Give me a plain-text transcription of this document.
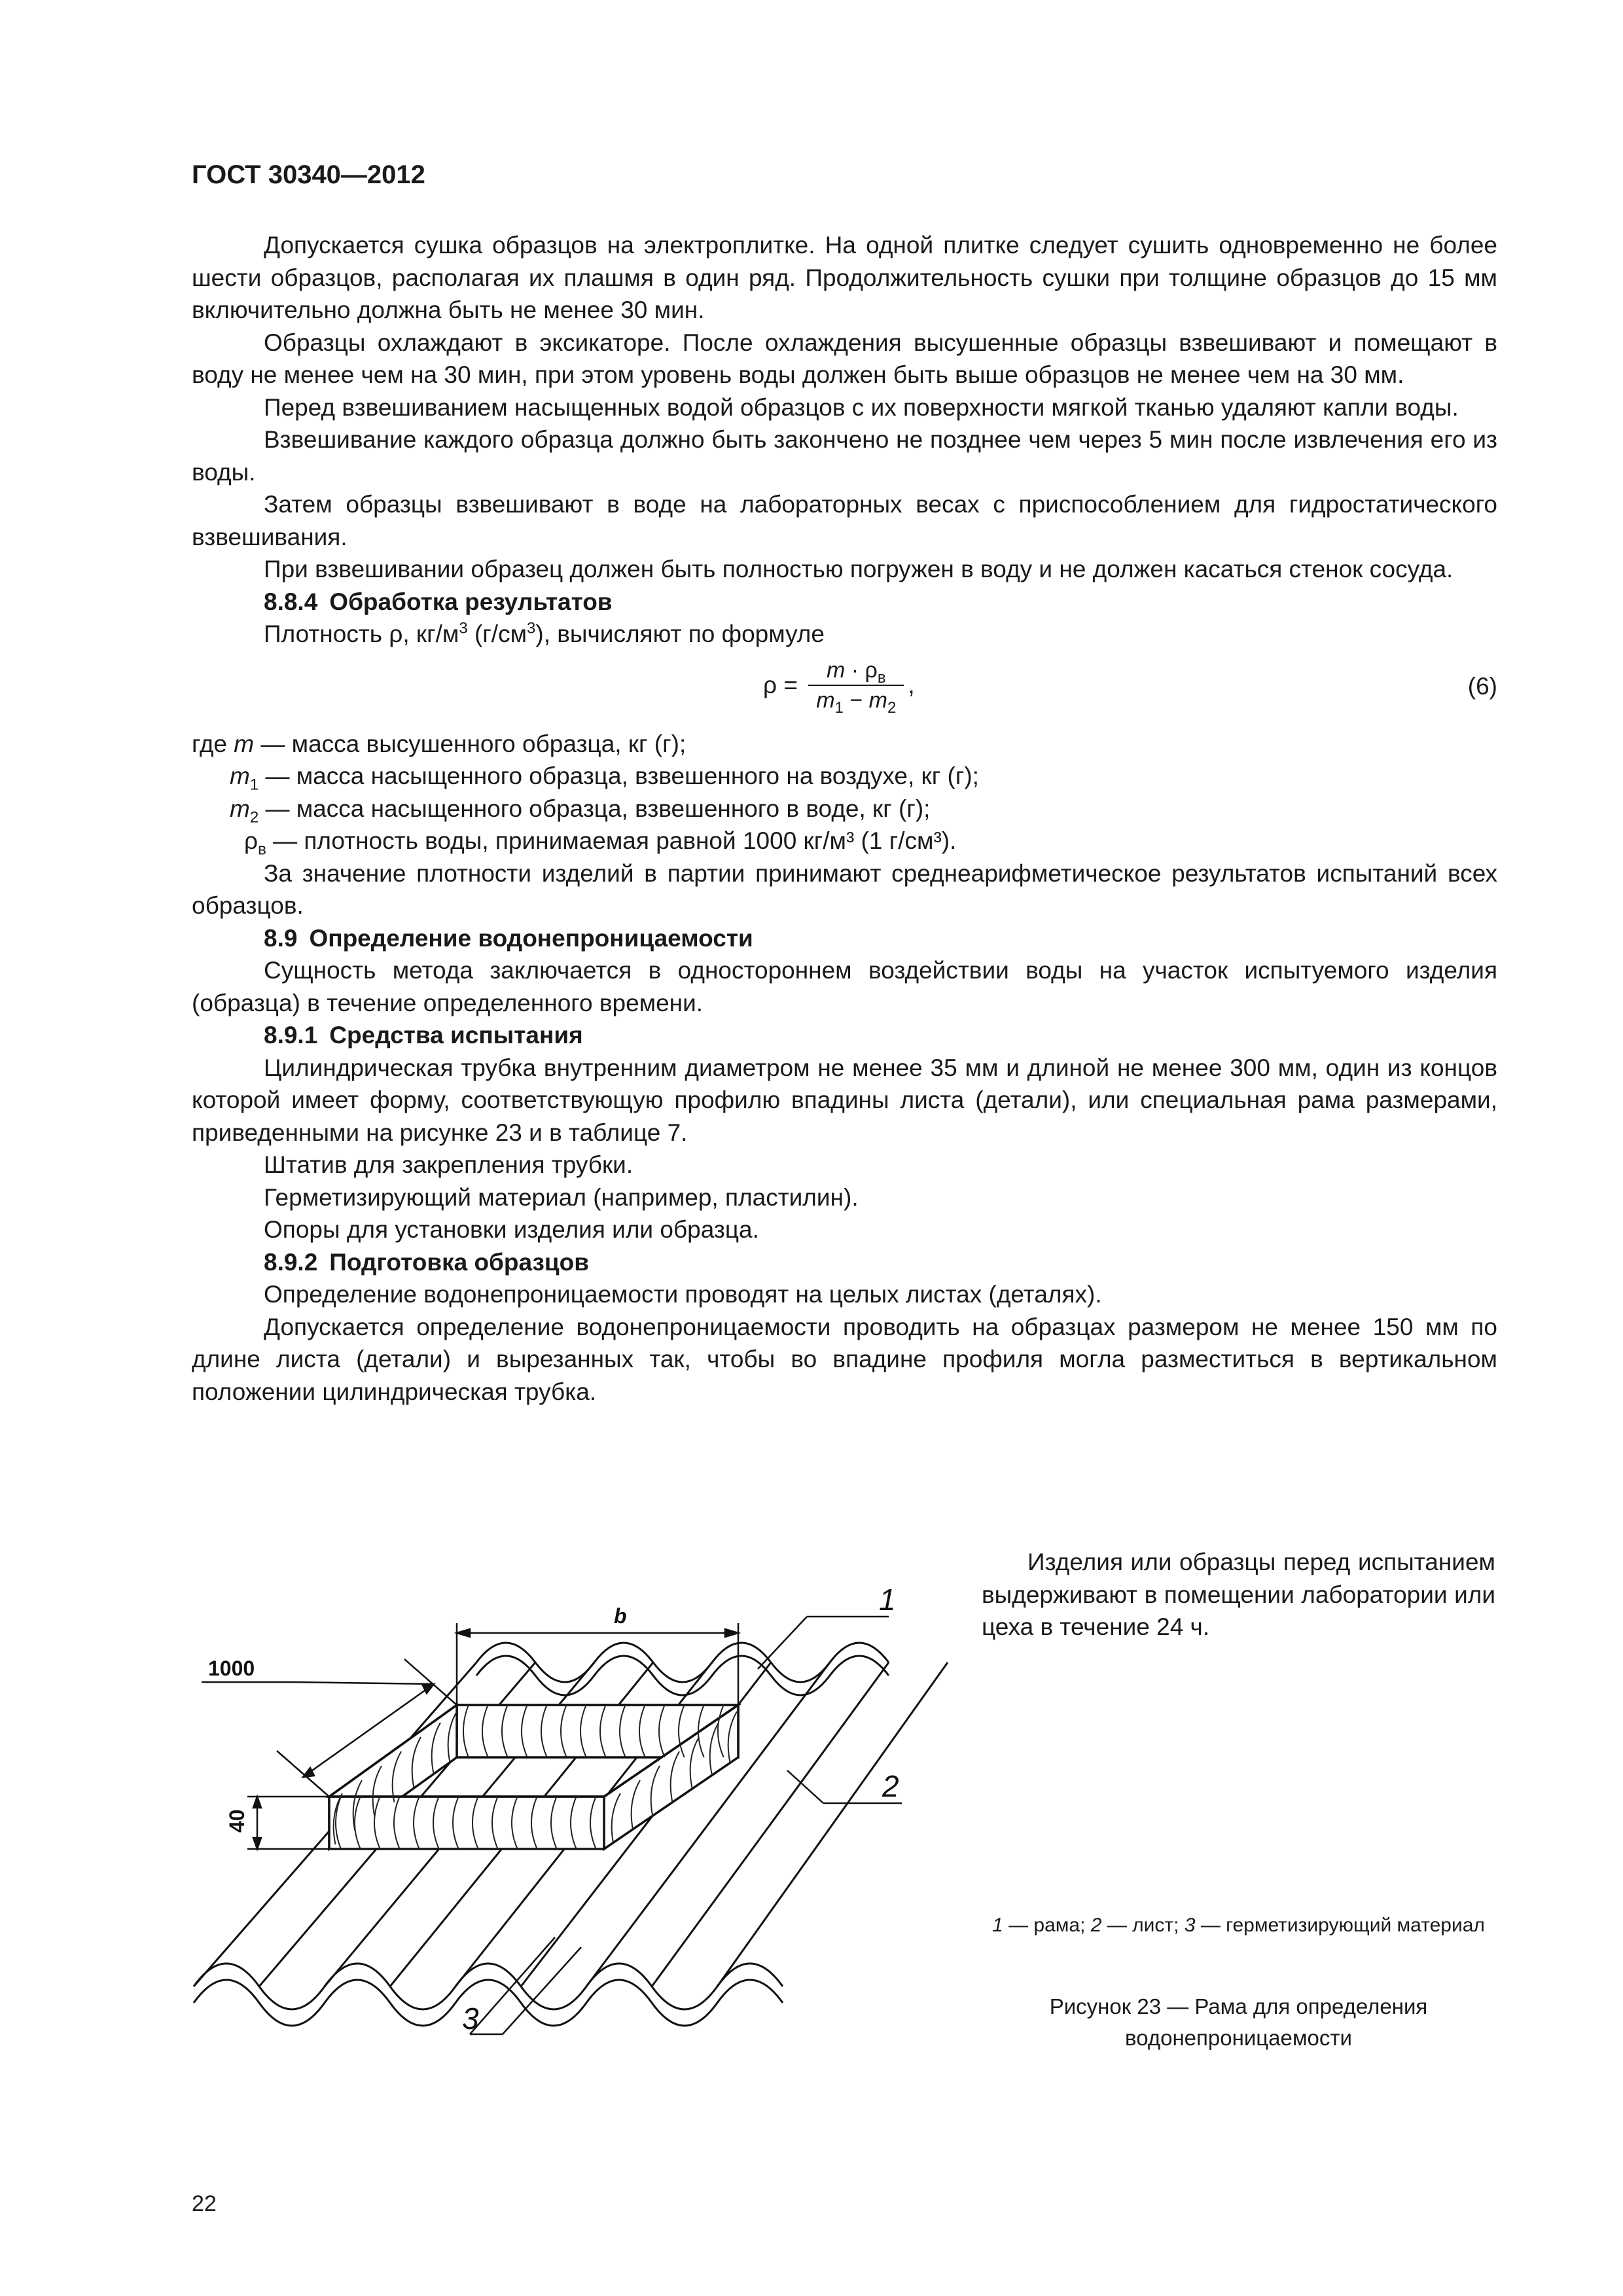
ГОСТ 30340—2012

Допускается сушка образцов на электроплитке. На одной плитке следует сушить одновременно не более шести образцов, располагая их плашмя в один ряд. Продолжительность сушки при толщине образцов до 15 мм включительно должна быть не менее 30 мин.

Образцы охлаждают в эксикаторе. После охлаждения высушенные образцы взвешивают и помещают в воду не менее чем на 30 мин, при этом уровень воды должен быть выше образцов не менее чем на 30 мм.

Перед взвешиванием насыщенных водой образцов с их поверхности мягкой тканью удаляют капли воды.

Взвешивание каждого образца должно быть закончено не позднее чем через 5 мин после извлечения его из воды.

Затем образцы взвешивают в воде на лабораторных весах с приспособлением для гидростатического взвешивания.

При взвешивании образец должен быть полностью погружен в воду и не должен касаться стенок сосуда.

8.8.4 Обработка результатов

Плотность ρ, $кг/м^3$ $(г/см^3)$, вычисляют по формуле

$\rho = \frac{m \cdot \rho_в}{m_1 - m_2}$ ,	(6)

где m — масса высушенного образца, кг (г);

$m_1$ — масса насыщенного образца, взвешенного на воздухе, кг (г);

$m_2$ — масса насыщенного образца, взвешенного в воде, кг (г);

$\rho_в$ — плотность воды, принимаемая равной 1000 кг/м³ (1 г/см³).

За значение плотности изделий в партии принимают среднеарифметическое результатов испытаний всех образцов.

8.9 Определение водонепроницаемости

Сущность метода заключается в одностороннем воздействии воды на участок испытуемого изделия (образца) в течение определенного времени.

8.9.1 Средства испытания

Цилиндрическая трубка внутренним диаметром не менее 35 мм и длиной не менее 300 мм, один из концов которой имеет форму, соответствующую профилю впадины листа (детали), или специальная рама размерами, приведенными на рисунке 23 и в таблице 7.

Штатив для закрепления трубки.

Герметизирующий материал (например, пластилин).

Опоры для установки изделия или образца.

8.9.2 Подготовка образцов

Определение водонепроницаемости проводят на целых листах (деталях).

Допускается определение водонепроницаемости проводить на образцах размером не менее 150 мм по длине листа (детали) и вырезанных так, чтобы во впадине профиля могла разместиться в вертикальном положении цилиндрическая трубка.

Изделия или образцы перед испытанием выдерживают в помещении лаборатории или цеха в течение 24 ч.

b
1000
40
1
2
3
1 — рама; 2 — лист; 3 — герметизирующий материал
Рисунок 23 — Рама для определения водонепроницаемости
22
